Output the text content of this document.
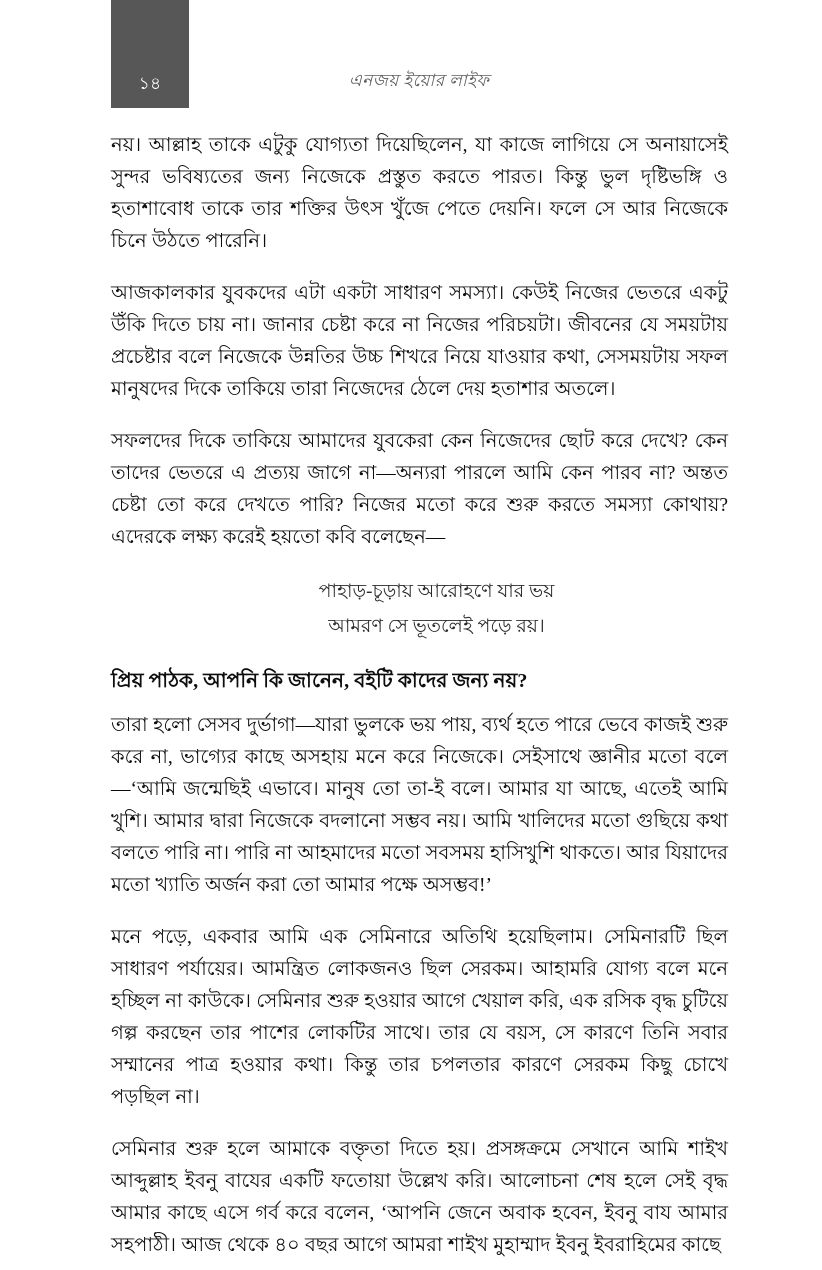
১৪	এনজয় ইয়োর লাইফ

নয়। আল্লাহ তাকে এটুকু যোগ্যতা দিয়েছিলেন, যা কাজে লাগিয়ে সে অনায়াসেই সুন্দর ভবিষ্যতের জন্য নিজেকে প্রস্তুত করতে পারত। কিন্তু ভুল দৃষ্টিভঙ্গি ও হতাশাবোধ তাকে তার শক্তির উৎস খুঁজে পেতে দেয়নি। ফলে সে আর নিজেকে চিনে উঠতে পারেনি।

আজকালকার যুবকদের এটা একটা সাধারণ সমস্যা। কেউই নিজের ভেতরে একটু উঁকি দিতে চায় না। জানার চেষ্টা করে না নিজের পরিচয়টা। জীবনের যে সময়টায় প্রচেষ্টার বলে নিজেকে উন্নতির উচ্চ শিখরে নিয়ে যাওয়ার কথা, সেসময়টায় সফল মানুষদের দিকে তাকিয়ে তারা নিজেদের ঠেলে দেয় হতাশার অতলে।

সফলদের দিকে তাকিয়ে আমাদের যুবকেরা কেন নিজেদের ছোট করে দেখে? কেন তাদের ভেতরে এ প্রত্যয় জাগে না—অন্যরা পারলে আমি কেন পারব না? অন্তত চেষ্টা তো করে দেখতে পারি? নিজের মতো করে শুরু করতে সমস্যা কোথায়? এদেরকে লক্ষ্য করেই হয়তো কবি বলেছেন—

পাহাড়-চূড়ায় আরোহণে যার ভয়
আমরণ সে ভূতলেই পড়ে রয়।
প্রিয় পাঠক, আপনি কি জানেন, বইটি কাদের জন্য নয়?

তারা হলো সেসব দুর্ভাগা—যারা ভুলকে ভয় পায়, ব্যর্থ হতে পারে ভেবে কাজই শুরু করে না, ভাগ্যের কাছে অসহায় মনে করে নিজেকে। সেইসাথে জ্ঞানীর মতো বলে—‘আমি জন্মেছিই এভাবে। মানুষ তো তা-ই বলে। আমার যা আছে, এতেই আমি খুশি। আমার দ্বারা নিজেকে বদলানো সম্ভব নয়। আমি খালিদের মতো গুছিয়ে কথা বলতে পারি না। পারি না আহমাদের মতো সবসময় হাসিখুশি থাকতে। আর যিয়াদের মতো খ্যাতি অর্জন করা তো আমার পক্ষে অসম্ভব!’

মনে পড়ে, একবার আমি এক সেমিনারে অতিথি হয়েছিলাম। সেমিনারটি ছিল সাধারণ পর্যায়ের। আমন্ত্রিত লোকজনও ছিল সেরকম। আহামরি যোগ্য বলে মনে হচ্ছিল না কাউকে। সেমিনার শুরু হওয়ার আগে খেয়াল করি, এক রসিক বৃদ্ধ চুটিয়ে গল্প করছেন তার পাশের লোকটির সাথে। তার যে বয়স, সে কারণে তিনি সবার সম্মানের পাত্র হওয়ার কথা। কিন্তু তার চপলতার কারণে সেরকম কিছু চোখে পড়ছিল না।

সেমিনার শুরু হলে আমাকে বক্তৃতা দিতে হয়। প্রসঙ্গক্রমে সেখানে আমি শাইখ আব্দুল্লাহ ইবনু বাযের একটি ফতোয়া উল্লেখ করি। আলোচনা শেষ হলে সেই বৃদ্ধ আমার কাছে এসে গর্ব করে বলেন, ‘আপনি জেনে অবাক হবেন, ইবনু বায আমার সহপাঠী। আজ থেকে ৪০ বছর আগে আমরা শাইখ মুহাম্মাদ ইবনু ইবরাহিমের কাছে
